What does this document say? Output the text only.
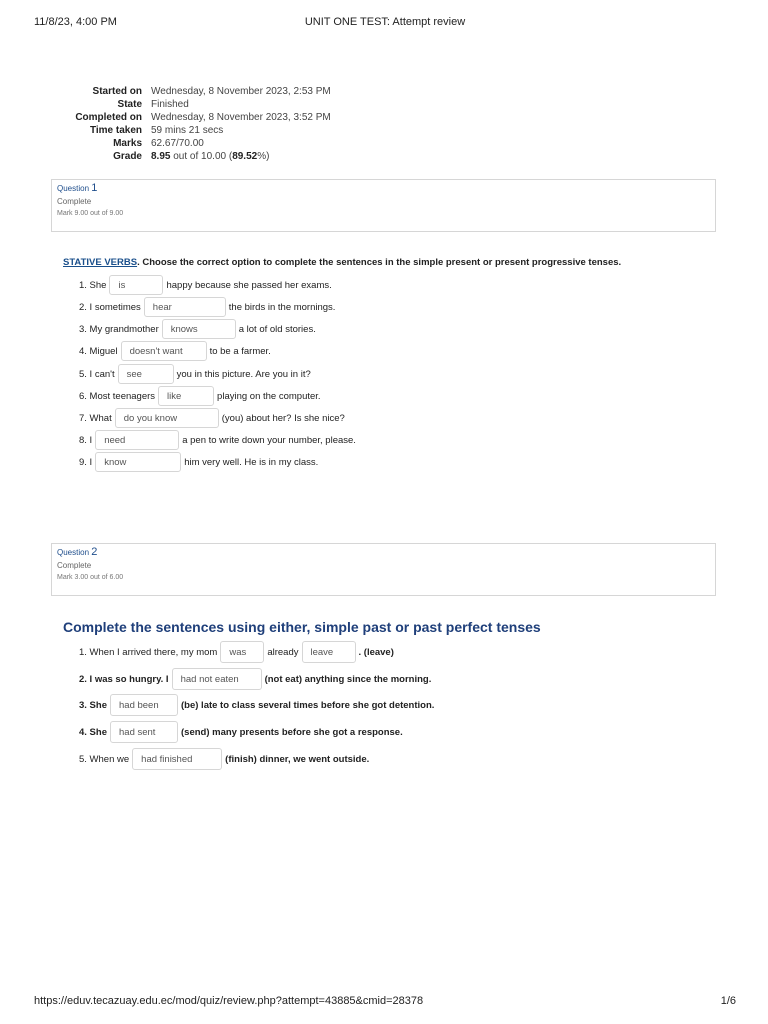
11/8/23, 4:00 PM	UNIT ONE TEST: Attempt review
Started on	Wednesday, 8 November 2023, 2:53 PM
State	Finished
Completed on	Wednesday, 8 November 2023, 3:52 PM
Time taken	59 mins 21 secs
Marks	62.67/70.00
Grade	8.95 out of 10.00 (89.52%)
Question 1
Complete
Mark 9.00 out of 9.00
STATIVE VERBS. Choose the correct option to complete the sentences in the simple present or present progressive tenses.
1. She	is	happy because she passed her exams.
2. I sometimes	hear	the birds in the mornings.
3. My grandmother	knows	a lot of old stories.
4. Miguel	doesn't want	to be a farmer.
5. I can't	see	you in this picture. Are you in it?
6. Most teenagers	like	playing on the computer.
7. What	do you know	(you) about her? Is she nice?
8. I	need	a pen to write down your number, please.
9. I	know	him very well. He is in my class.
Question 2
Complete
Mark 3.00 out of 6.00
Complete the sentences using either, simple past or past perfect tenses
1. When I arrived there, my mom	was	already	leave	. (leave)
2. I was so hungry. I	had not eaten	(not eat) anything since the morning.
3. She	had been	(be) late to class several times before she got detention.
4. She	had sent	(send) many presents before she got a response.
5. When we	had finished	(finish) dinner, we went outside.
https://eduv.tecazuay.edu.ec/mod/quiz/review.php?attempt=43885&cmid=28378	1/6
